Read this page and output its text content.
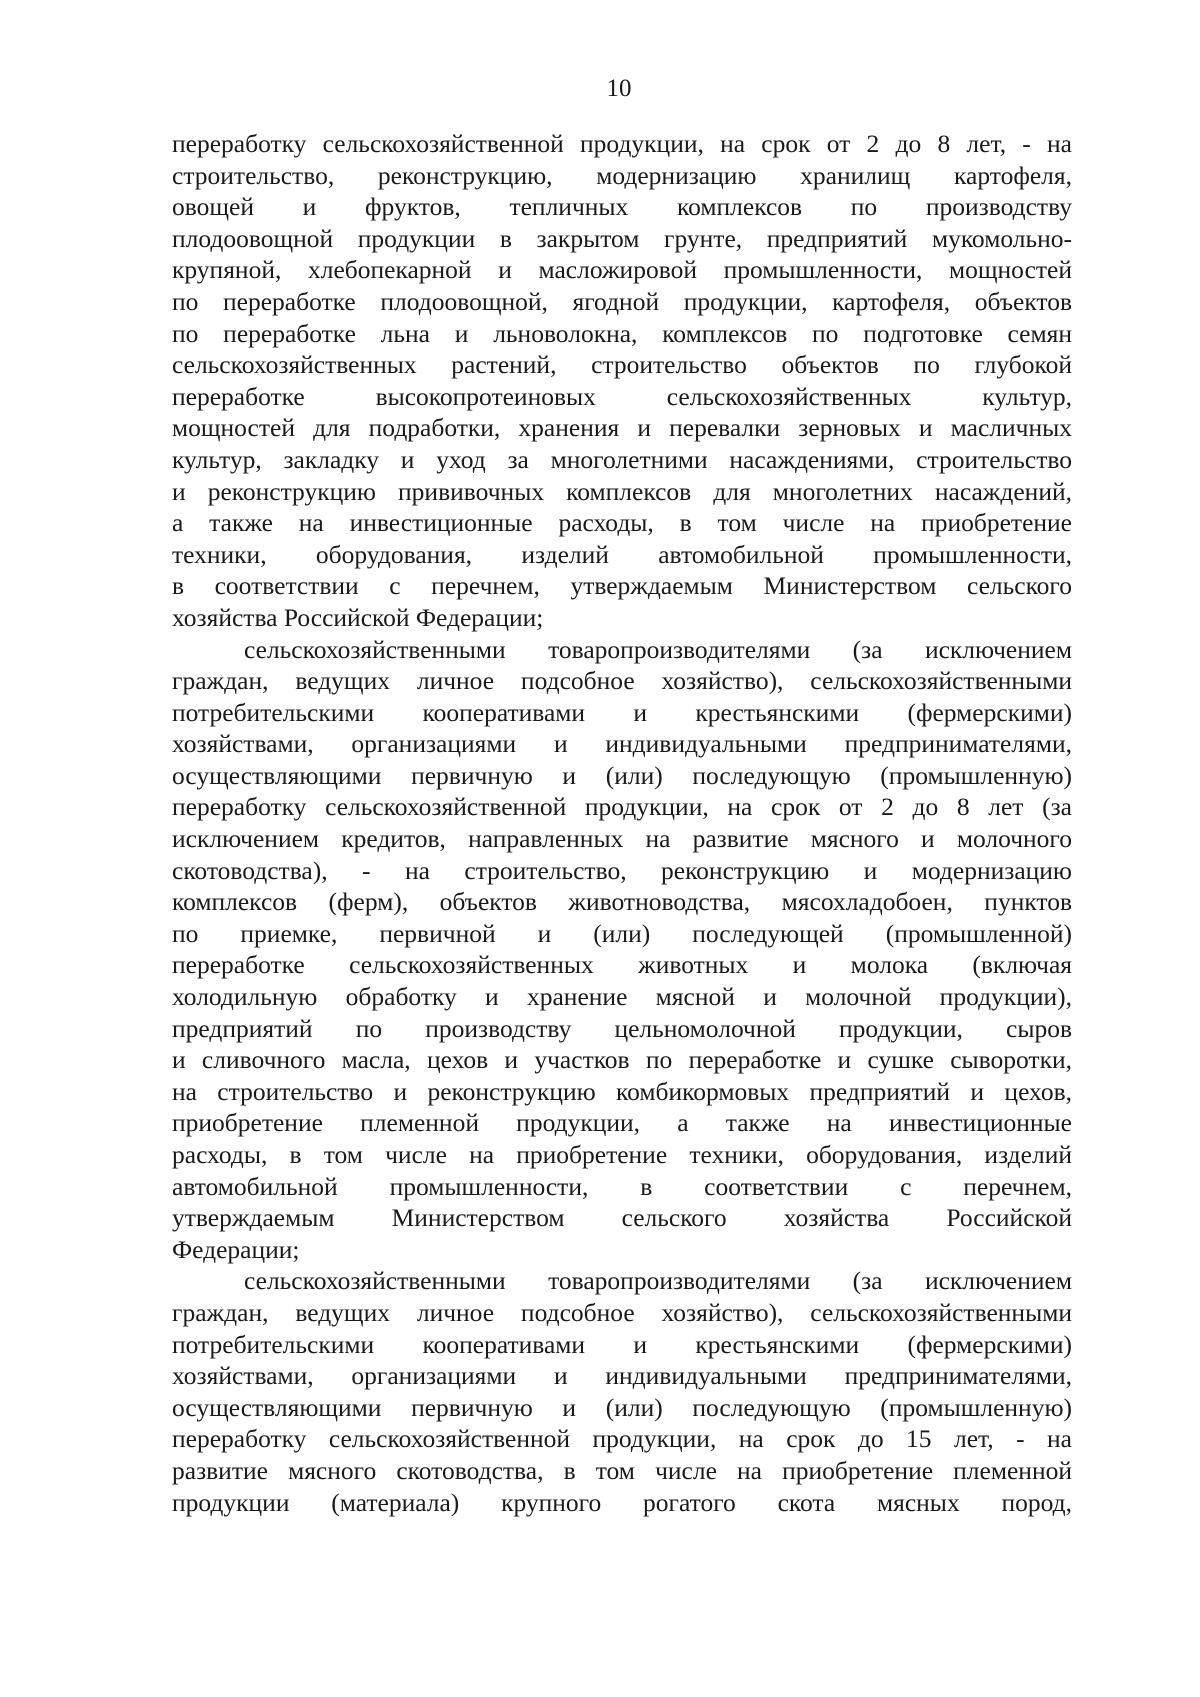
10
переработку сельскохозяйственной продукции, на срок от 2 до 8 лет, - на
строительство, реконструкцию, модернизацию хранилищ картофеля,
овощей и фруктов, тепличных комплексов по производству
плодоовощной продукции в закрытом грунте, предприятий мукомольно-
крупяной, хлебопекарной и масложировой промышленности, мощностей
по переработке плодоовощной, ягодной продукции, картофеля, объектов
по переработке льна и льноволокна, комплексов по подготовке семян
сельскохозяйственных растений, строительство объектов по глубокой
переработке высокопротеиновых сельскохозяйственных культур,
мощностей для подработки, хранения и перевалки зерновых и масличных
культур, закладку и уход за многолетними насаждениями, строительство
и реконструкцию прививочных комплексов для многолетних насаждений,
а также на инвестиционные расходы, в том числе на приобретение
техники, оборудования, изделий автомобильной промышленности,
в соответствии с перечнем, утверждаемым Министерством сельского
хозяйства Российской Федерации;
сельскохозяйственными товаропроизводителями (за исключением
граждан, ведущих личное подсобное хозяйство), сельскохозяйственными
потребительскими кооперативами и крестьянскими (фермерскими)
хозяйствами, организациями и индивидуальными предпринимателями,
осуществляющими первичную и (или) последующую (промышленную)
переработку сельскохозяйственной продукции, на срок от 2 до 8 лет (за
исключением кредитов, направленных на развитие мясного и молочного
скотоводства), - на строительство, реконструкцию и модернизацию
комплексов (ферм), объектов животноводства, мясохладобоен, пунктов
по приемке, первичной и (или) последующей (промышленной)
переработке сельскохозяйственных животных и молока (включая
холодильную обработку и хранение мясной и молочной продукции),
предприятий по производству цельномолочной продукции, сыров
и сливочного масла, цехов и участков по переработке и сушке сыворотки,
на строительство и реконструкцию комбикормовых предприятий и цехов,
приобретение племенной продукции, а также на инвестиционные
расходы, в том числе на приобретение техники, оборудования, изделий
автомобильной промышленности, в соответствии с перечнем,
утверждаемым Министерством сельского хозяйства Российской
Федерации;
сельскохозяйственными товаропроизводителями (за исключением
граждан, ведущих личное подсобное хозяйство), сельскохозяйственными
потребительскими кооперативами и крестьянскими (фермерскими)
хозяйствами, организациями и индивидуальными предпринимателями,
осуществляющими первичную и (или) последующую (промышленную)
переработку сельскохозяйственной продукции, на срок до 15 лет, - на
развитие мясного скотоводства, в том числе на приобретение племенной
продукции (материала) крупного рогатого скота мясных пород,
